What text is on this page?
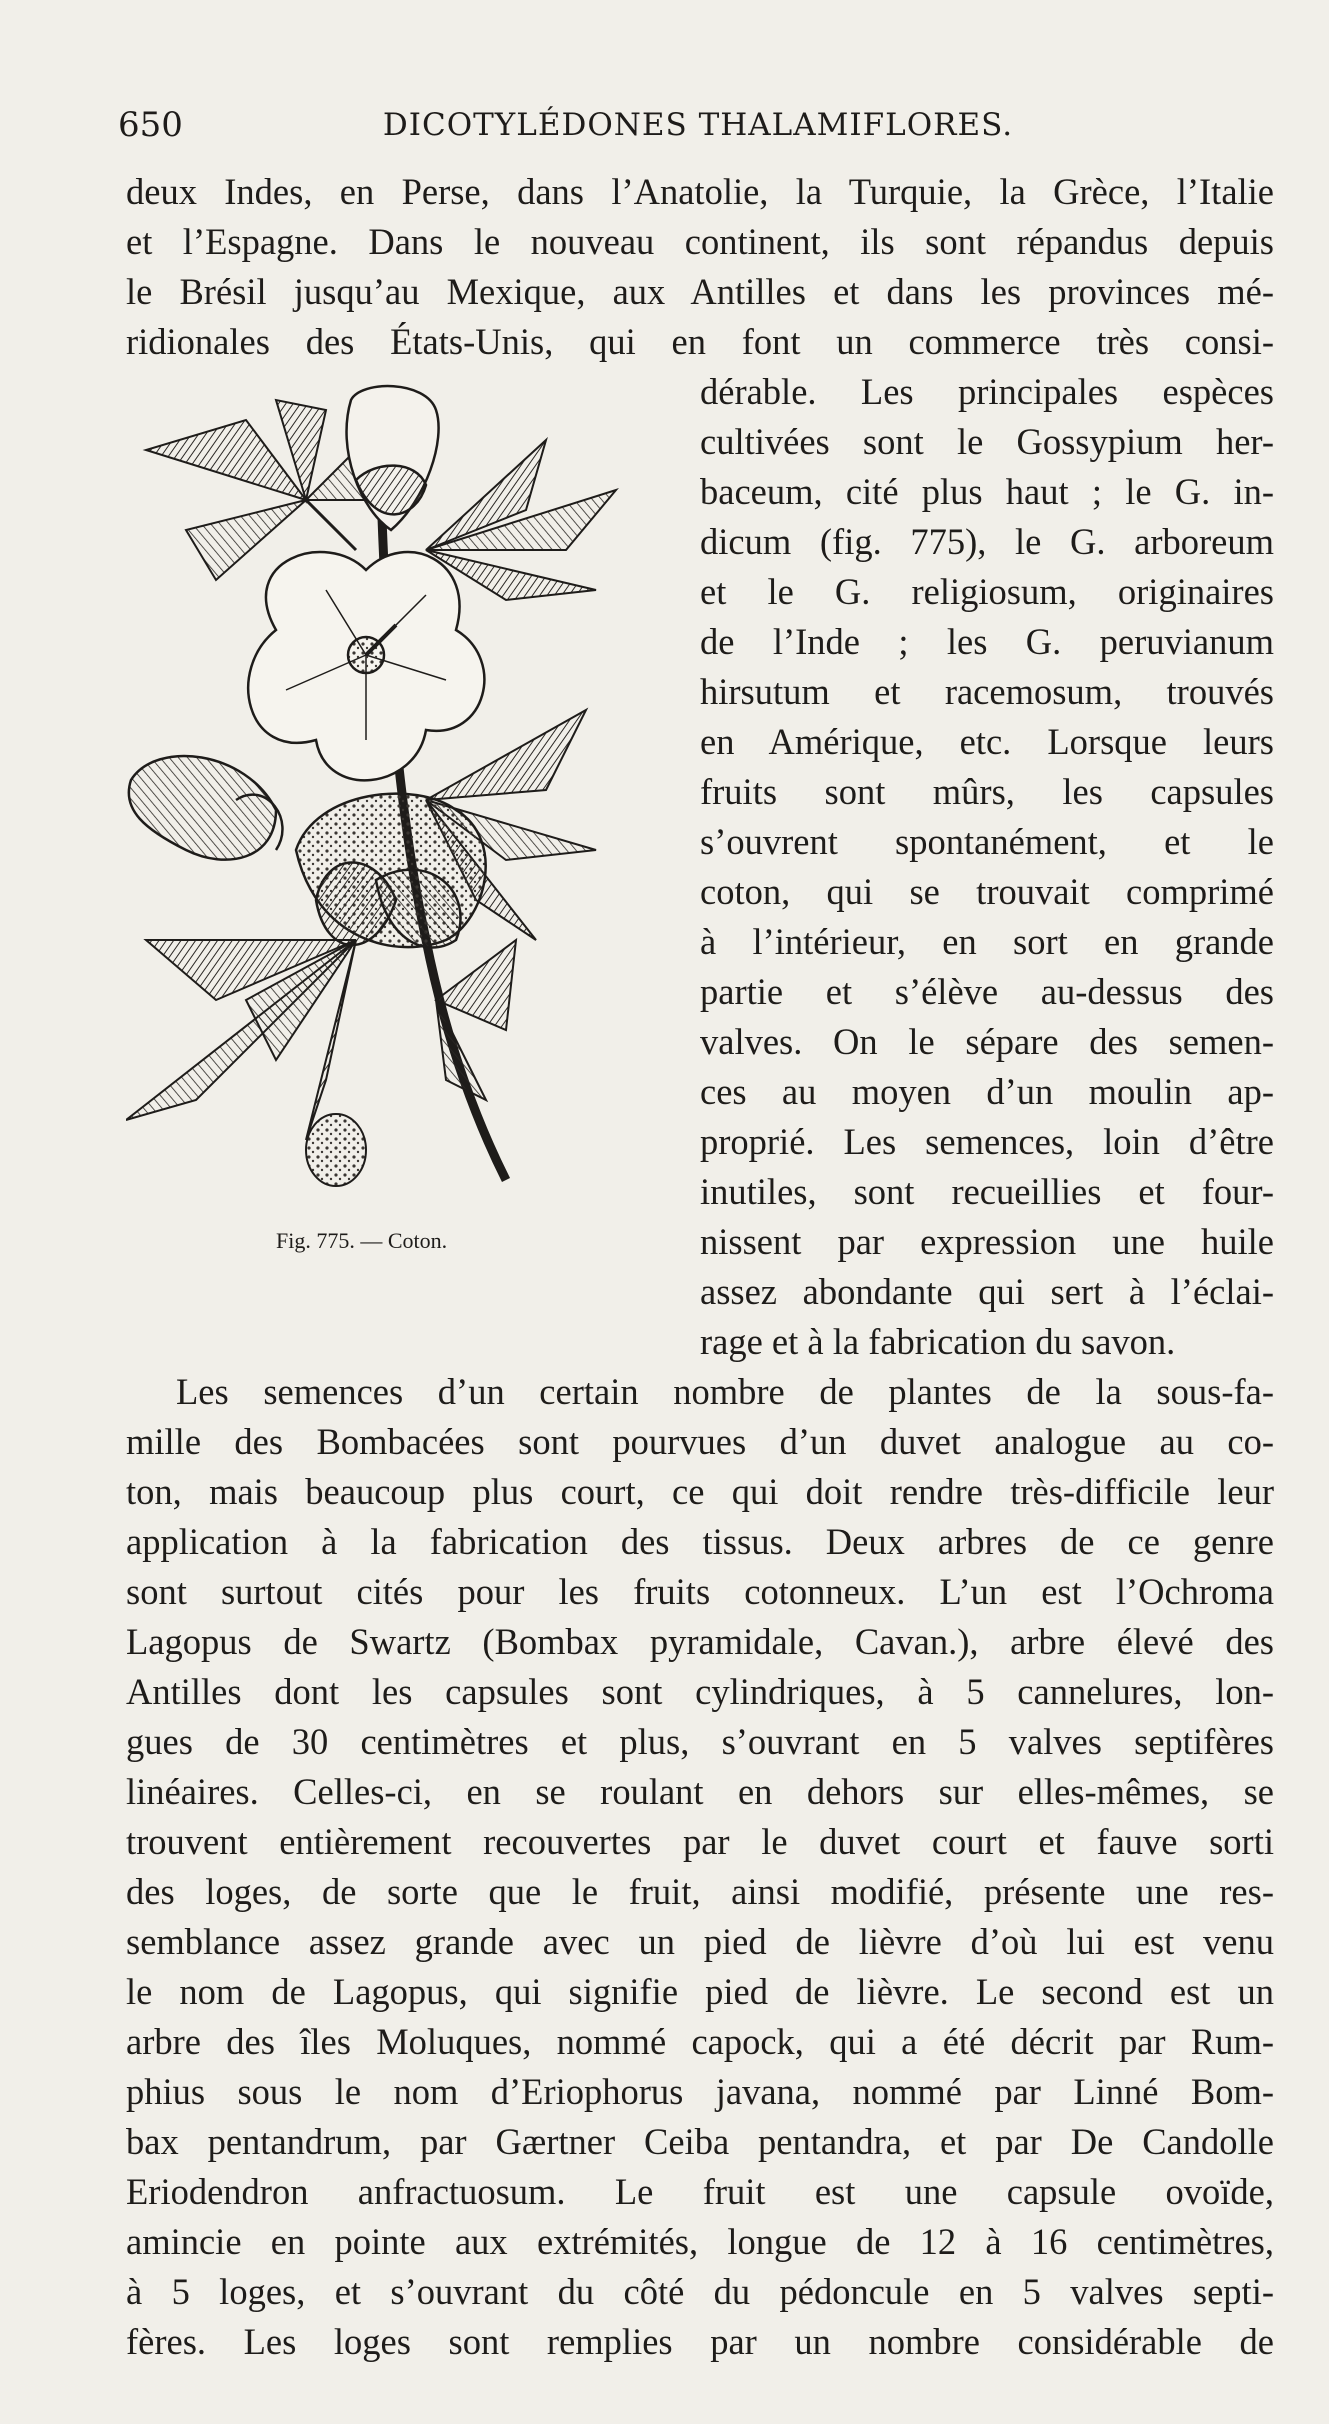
650	DICOTYLÉDONES THALAMIFLORES.
deux Indes, en Perse, dans l’Anatolie, la Turquie, la Grèce, l’Italie
et l’Espagne. Dans le nouveau continent, ils sont répandus depuis
le Brésil jusqu’au Mexique, aux Antilles et dans les provinces mé-
ridionales des États-Unis, qui en font un commerce très consi-
dérable. Les principales espèces
cultivées sont le Gossypium her-
baceum, cité plus haut ; le G. in-
dicum (fig. 775), le G. arboreum
et le G. religiosum, originaires
de l’Inde ; les G. peruvianum
hirsutum et racemosum, trouvés
en Amérique, etc. Lorsque leurs
fruits sont mûrs, les capsules
s’ouvrent spontanément, et le
coton, qui se trouvait comprimé
à l’intérieur, en sort en grande
partie et s’élève au-dessus des
valves. On le sépare des semen-
ces au moyen d’un moulin ap-
proprié. Les semences, loin d’être
inutiles, sont recueillies et four-
nissent par expression une huile
assez abondante qui sert à l’éclai-
rage et à la fabrication du savon.
Fig. 775. — Coton.
Les semences d’un certain nombre de plantes de la sous-fa-
mille des Bombacées sont pourvues d’un duvet analogue au co-
ton, mais beaucoup plus court, ce qui doit rendre très-difficile leur
application à la fabrication des tissus. Deux arbres de ce genre
sont surtout cités pour les fruits cotonneux. L’un est l’Ochroma
Lagopus de Swartz (Bombax pyramidale, Cavan.), arbre élevé des
Antilles dont les capsules sont cylindriques, à 5 cannelures, lon-
gues de 30 centimètres et plus, s’ouvrant en 5 valves septifères
linéaires. Celles-ci, en se roulant en dehors sur elles-mêmes, se
trouvent entièrement recouvertes par le duvet court et fauve sorti
des loges, de sorte que le fruit, ainsi modifié, présente une res-
semblance assez grande avec un pied de lièvre d’où lui est venu
le nom de Lagopus, qui signifie pied de lièvre. Le second est un
arbre des îles Moluques, nommé capock, qui a été décrit par Rum-
phius sous le nom d’Eriophorus javana, nommé par Linné Bom-
bax pentandrum, par Gærtner Ceiba pentandra, et par De Candolle
Eriodendron anfractuosum. Le fruit est une capsule ovoïde,
amincie en pointe aux extrémités, longue de 12 à 16 centimètres,
à 5 loges, et s’ouvrant du côté du pédoncule en 5 valves septi-
fères. Les loges sont remplies par un nombre considérable de
